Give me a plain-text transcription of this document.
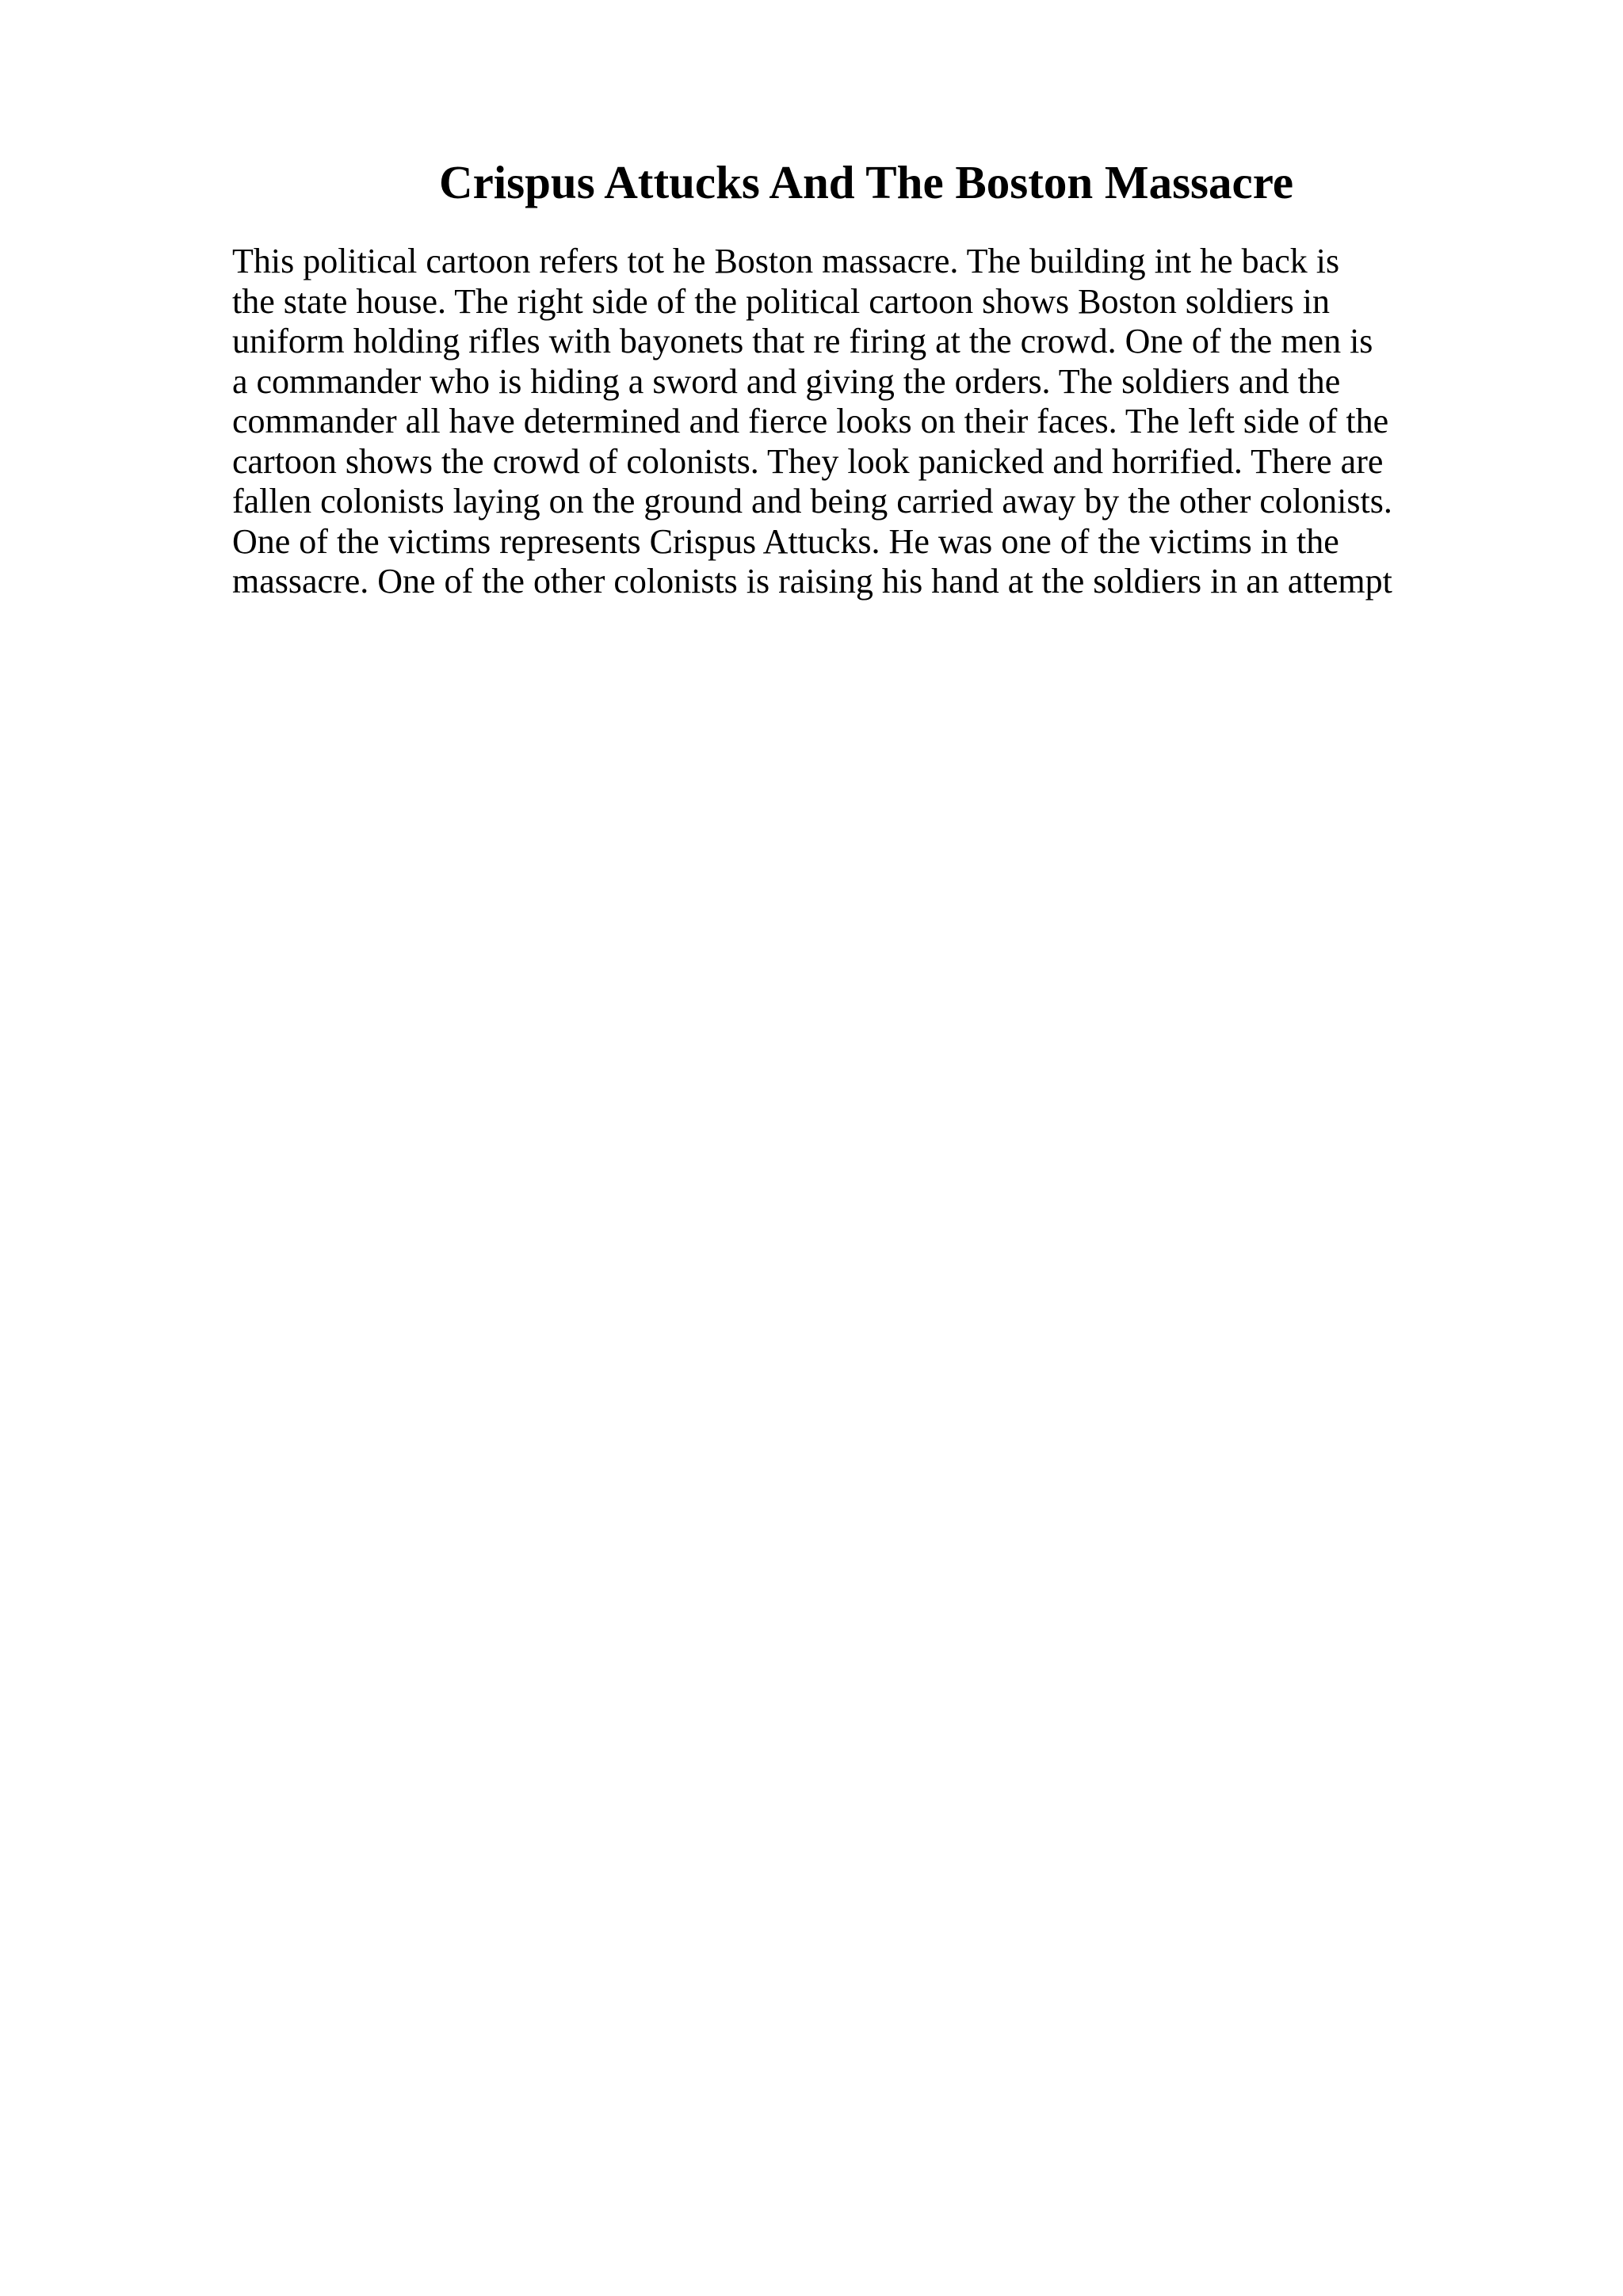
Crispus Attucks And The Boston Massacre
This political cartoon refers tot he Boston massacre. The building int he back is
the state house. The right side of the political cartoon shows Boston soldiers in
uniform holding rifles with bayonets that re firing at the crowd. One of the men is
a commander who is hiding a sword and giving the orders. The soldiers and the
commander all have determined and fierce looks on their faces. The left side of the
cartoon shows the crowd of colonists. They look panicked and horrified. There are
fallen colonists laying on the ground and being carried away by the other colonists.
One of the victims represents Crispus Attucks. He was one of the victims in the
massacre. One of the other colonists is raising his hand at the soldiers in an attempt
